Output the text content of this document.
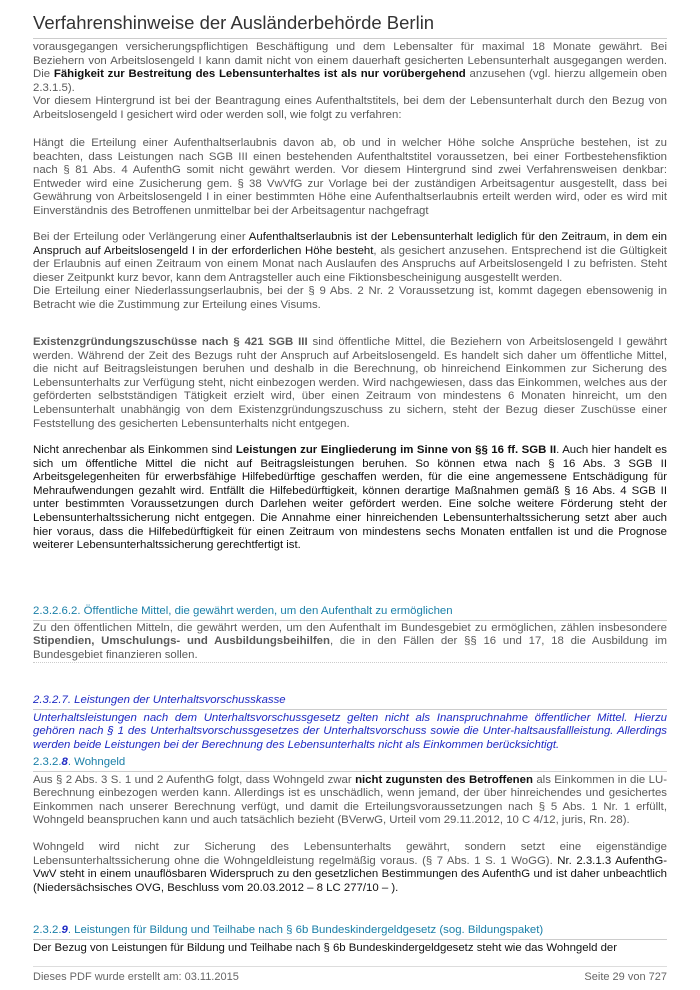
Verfahrenshinweise der Ausländerbehörde Berlin

vorausgegangen versicherungspflichtigen Beschäftigung und dem Lebensalter für maximal 18 Monate gewährt. Bei Beziehern von Arbeitslosengeld I kann damit nicht von einem dauerhaft gesicherten Lebensunterhalt ausgegangen werden. Die Fähigkeit zur Bestreitung des Lebensunterhaltes ist als nur vorübergehend anzusehen (vgl. hierzu allgemein oben 2.3.1.5).

Vor diesem Hintergrund ist bei der Beantragung eines Aufenthaltstitels, bei dem der Lebensunterhalt durch den Bezug von Arbeitslosengeld I gesichert wird oder werden soll, wie folgt zu verfahren:

Hängt die Erteilung einer Aufenthaltserlaubnis davon ab, ob und in welcher Höhe solche Ansprüche bestehen, ist zu beachten, dass Leistungen nach SGB III einen bestehenden Aufenthaltstitel voraussetzen, bei einer Fortbestehensfiktion nach § 81 Abs. 4 AufenthG somit nicht gewährt werden. Vor diesem Hintergrund sind zwei Verfahrensweisen denkbar: Entweder wird eine Zusicherung gem. § 38 VwVfG zur Vorlage bei der zuständigen Arbeitsagentur ausgestellt, dass bei Gewährung von Arbeitslosengeld I in einer bestimmten Höhe eine Aufenthaltserlaubnis erteilt werden wird, oder es wird mit Einverständnis des Betroffenen unmittelbar bei der Arbeitsagentur nachgefragt

Bei der Erteilung oder Verlängerung einer Aufenthaltserlaubnis ist der Lebensunterhalt lediglich für den Zeitraum, in dem ein Anspruch auf Arbeitslosengeld I in der erforderlichen Höhe besteht, als gesichert anzusehen. Entsprechend ist die Gültigkeit der Erlaubnis auf einen Zeitraum von einem Monat nach Auslaufen des Anspruchs auf Arbeitslosengeld I zu befristen. Steht dieser Zeitpunkt kurz bevor, kann dem Antragsteller auch eine Fiktionsbescheinigung ausgestellt werden.

Die Erteilung einer Niederlassungserlaubnis, bei der § 9 Abs. 2 Nr. 2 Voraussetzung ist, kommt dagegen ebensowenig in Betracht wie die Zustimmung zur Erteilung eines Visums.

Existenzgründungszuschüsse nach § 421 SGB III sind öffentliche Mittel, die Beziehern von Arbeitslosengeld I gewährt werden. Während der Zeit des Bezugs ruht der Anspruch auf Arbeitslosengeld. Es handelt sich daher um öffentliche Mittel, die nicht auf Beitragsleistungen beruhen und deshalb in die Berechnung, ob hinreichend Einkommen zur Sicherung des Lebensunterhalts zur Verfügung steht, nicht einbezogen werden. Wird nachgewiesen, dass das Einkommen, welches aus der geförderten selbstständigen Tätigkeit erzielt wird, über einen Zeitraum von mindestens 6 Monaten hinreicht, um den Lebensunterhalt unabhängig von dem Existenzgründungszuschuss zu sichern, steht der Bezug dieser Zuschüsse einer Feststellung des gesicherten Lebensunterhalts nicht entgegen.

Nicht anrechenbar als Einkommen sind Leistungen zur Eingliederung im Sinne von §§ 16 ff. SGB II. Auch hier handelt es sich um öffentliche Mittel die nicht auf Beitragsleistungen beruhen. So können etwa nach § 16 Abs. 3 SGB II Arbeitsgelegenheiten für erwerbsfähige Hilfebedürftige geschaffen werden, für die eine angemessene Entschädigung für Mehraufwendungen gezahlt wird. Entfällt die Hilfebedürftigkeit, können derartige Maßnahmen gemäß § 16 Abs. 4 SGB II unter bestimmten Voraussetzungen durch Darlehen weiter gefördert werden. Eine solche weitere Förderung steht der Lebensunterhaltssicherung nicht entgegen. Die Annahme einer hinreichenden Lebensunterhaltssicherung setzt aber auch hier voraus, dass die Hilfebedürftigkeit für einen Zeitraum von mindestens sechs Monaten entfallen ist und die Prognose weiterer Lebensunterhaltssicherung gerechtfertigt ist.

2.3.2.6.2. Öffentliche Mittel, die gewährt werden, um den Aufenthalt zu ermöglichen

Zu den öffentlichen Mitteln, die gewährt werden, um den Aufenthalt im Bundesgebiet zu ermöglichen, zählen insbesondere Stipendien, Umschulungs- und Ausbildungsbeihilfen, die in den Fällen der §§ 16 und 17, 18 die Ausbildung im Bundesgebiet finanzieren sollen.

2.3.2.7. Leistungen der Unterhaltsvorschusskasse

Unterhaltsleistungen nach dem Unterhaltsvorschussgesetz gelten nicht als Inanspruchnahme öffentlicher Mittel. Hierzu gehören nach § 1 des Unterhaltsvorschussgesetzes der Unterhaltsvorschuss sowie die Unter-haltsausfallleistung. Allerdings werden beide Leistungen bei der Berechnung des Lebensunterhalts nicht als Einkommen berücksichtigt.

2.3.2.8. Wohngeld

Aus § 2 Abs. 3 S. 1 und 2 AufenthG folgt, dass Wohngeld zwar nicht zugunsten des Betroffenen als Einkommen in die LU- Berechnung einbezogen werden kann. Allerdings ist es unschädlich, wenn jemand, der über hinreichendes und gesichertes Einkommen nach unserer Berechnung verfügt, und damit die Erteilungsvoraussetzungen nach § 5 Abs. 1 Nr. 1 erfüllt, Wohngeld beanspruchen kann und auch tatsächlich bezieht (BVerwG, Urteil vom 29.11.2012, 10 C 4/12, juris, Rn. 28).

Wohngeld wird nicht zur Sicherung des Lebensunterhalts gewährt, sondern setzt eine eigenständige Lebensunterhaltssicherung ohne die Wohngeldleistung regelmäßig voraus. (§ 7 Abs. 1 S. 1 WoGG). Nr. 2.3.1.3 AufenthG-VwV steht in einem unauflösbaren Widerspruch zu den gesetzlichen Bestimmungen des AufenthG und ist daher unbeachtlich (Niedersächsisches OVG, Beschluss vom 20.03.2012 – 8 LC 277/10 – ).

2.3.2.9. Leistungen für Bildung und Teilhabe nach § 6b Bundeskindergeldgesetz (sog. Bildungspaket)

Der Bezug von Leistungen für Bildung und Teilhabe nach § 6b Bundeskindergeldgesetz steht wie das Wohngeld der

Dieses PDF wurde erstellt am: 03.11.2015	Seite 29 von 727
